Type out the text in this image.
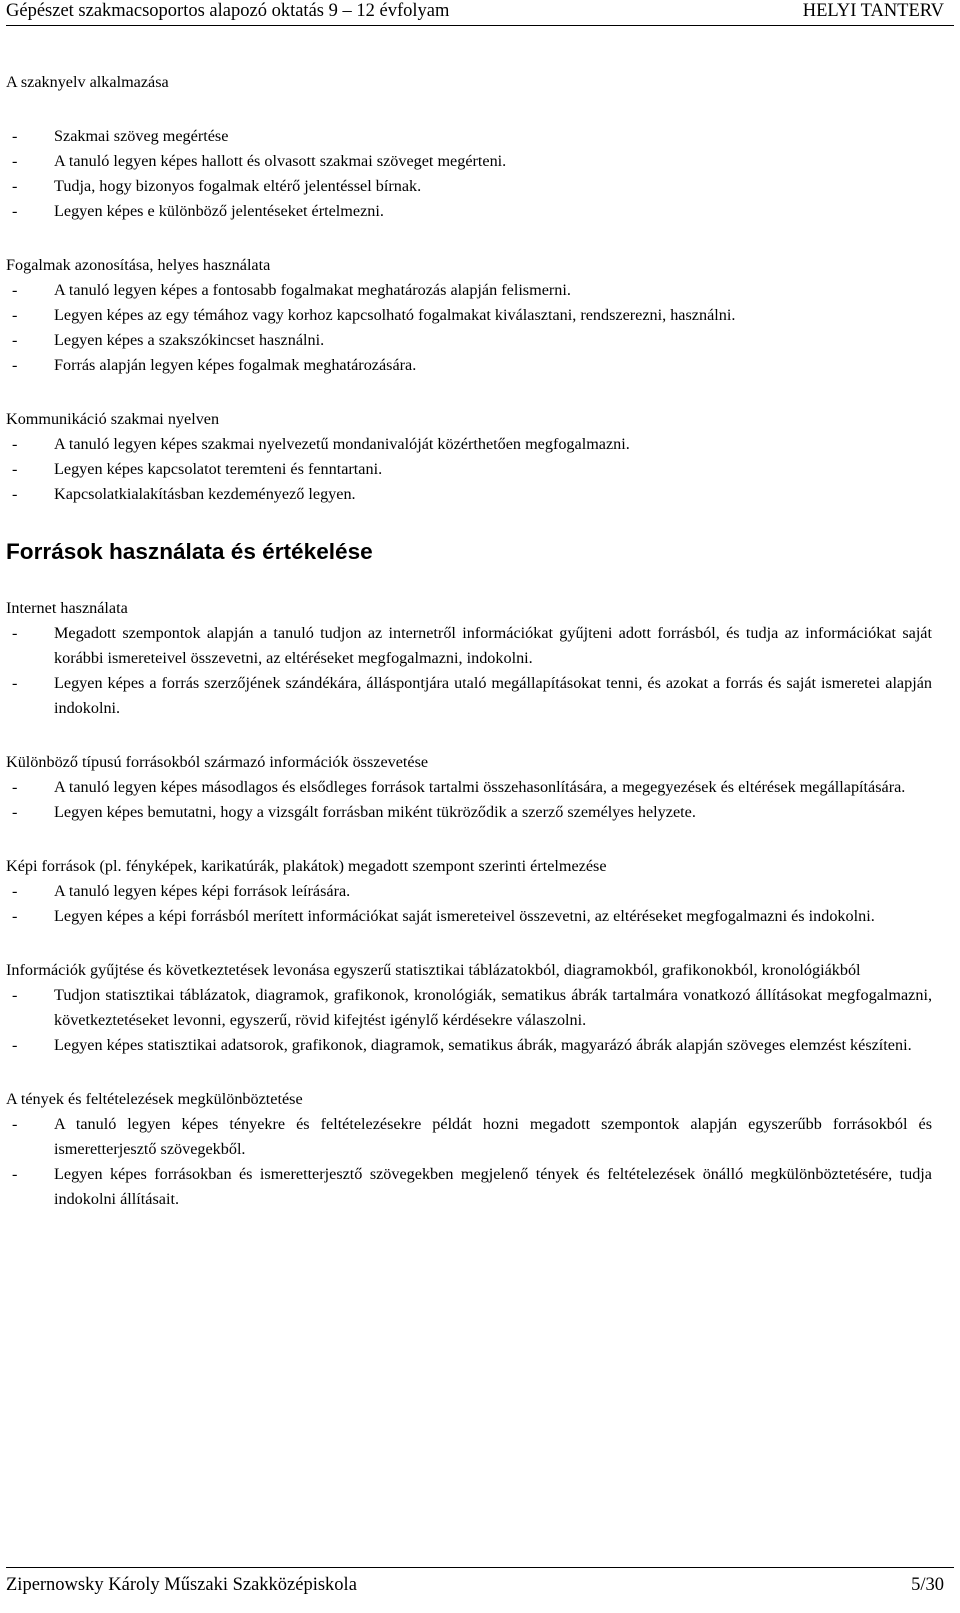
Gépészet szakmacsoportos alapozó oktatás 9 – 12 évfolyam	HELYI TANTERV

A szaknyelv alkalmazása

- Szakmai szöveg megértése
- A tanuló legyen képes hallott és olvasott szakmai szöveget megérteni.
- Tudja, hogy bizonyos fogalmak eltérő jelentéssel bírnak.
- Legyen képes e különböző jelentéseket értelmezni.

Fogalmak azonosítása, helyes használata

- A tanuló legyen képes a fontosabb fogalmakat meghatározás alapján felismerni.
- Legyen képes az egy témához vagy korhoz kapcsolható fogalmakat kiválasztani, rendszerezni, használni.
- Legyen képes a szakszókincset használni.
- Forrás alapján legyen képes fogalmak meghatározására.

Kommunikáció szakmai nyelven

- A tanuló legyen képes szakmai nyelvezetű mondanivalóját közérthetően megfogalmazni.
- Legyen képes kapcsolatot teremteni és fenntartani.
- Kapcsolatkialakításban kezdeményező legyen.

Források használata és értékelése

Internet használata

- Megadott szempontok alapján a tanuló tudjon az internetről információkat gyűjteni adott forrásból, és tudja az információkat saját korábbi ismereteivel összevetni, az eltéréseket megfogalmazni, indokolni.
- Legyen képes a forrás szerzőjének szándékára, álláspontjára utaló megállapításokat tenni, és azokat a forrás és saját ismeretei alapján indokolni.

Különböző típusú forrásokból származó információk összevetése

- A tanuló legyen képes másodlagos és elsődleges források tartalmi összehasonlítására, a megegyezések és eltérések megállapítására.
- Legyen képes bemutatni, hogy a vizsgált forrásban miként tükröződik a szerző személyes helyzete.

Képi források (pl. fényképek, karikatúrák, plakátok) megadott szempont szerinti értelmezése

- A tanuló legyen képes képi források leírására.
- Legyen képes a képi forrásból merített információkat saját ismereteivel összevetni, az eltéréseket megfogalmazni és indokolni.

Információk gyűjtése és következtetések levonása egyszerű statisztikai táblázatokból, diagramokból, grafikonokból, kronológiákból

- Tudjon statisztikai táblázatok, diagramok, grafikonok, kronológiák, sematikus ábrák tartalmára vonatkozó állításokat megfogalmazni, következtetéseket levonni, egyszerű, rövid kifejtést igénylő kérdésekre válaszolni.
- Legyen képes statisztikai adatsorok, grafikonok, diagramok, sematikus ábrák, magyarázó ábrák alapján szöveges elemzést készíteni.

A tények és feltételezések megkülönböztetése

- A tanuló legyen képes tényekre és feltételezésekre példát hozni megadott szempontok alapján egyszerűbb forrásokból és ismeretterjesztő szövegekből.
- Legyen képes forrásokban és ismeretterjesztő szövegekben megjelenő tények és feltételezések önálló megkülönböztetésére, tudja indokolni állításait.
Zipernowsky Károly Műszaki Szakközépiskola	5/30
